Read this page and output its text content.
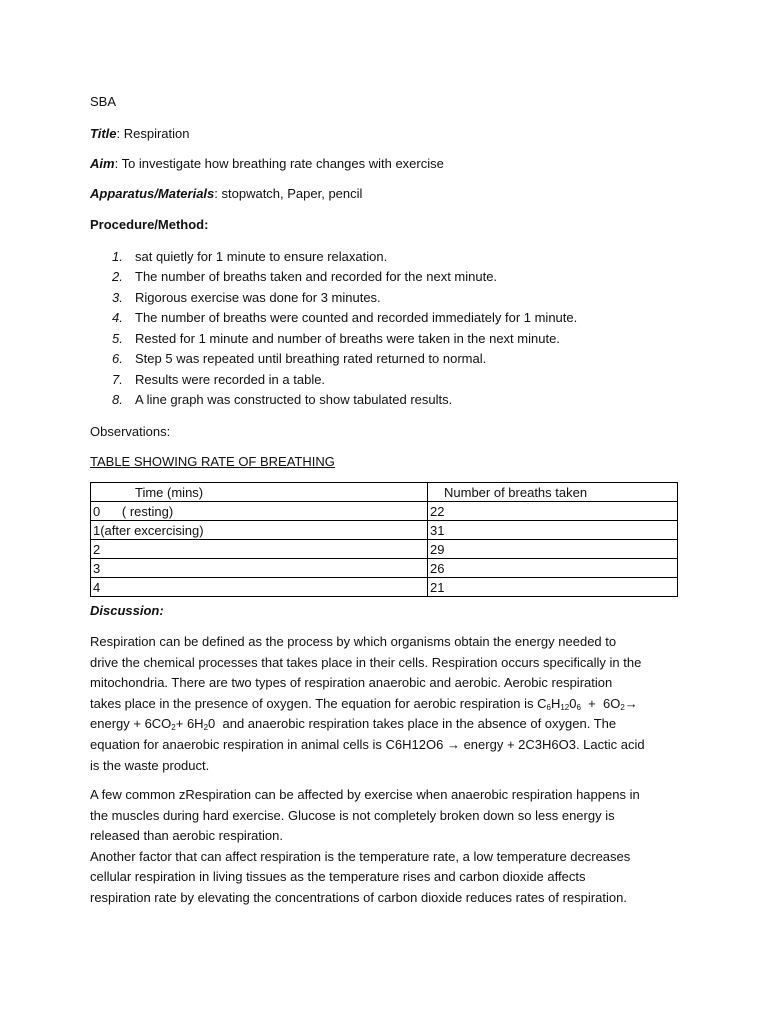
SBA
Title: Respiration
Aim: To investigate how breathing rate changes with exercise
Apparatus/Materials: stopwatch, Paper, pencil
Procedure/Method:
1. sat quietly for 1 minute to ensure relaxation.
2. The number of breaths taken and recorded for the next minute.
3. Rigorous exercise was done for 3 minutes.
4. The number of breaths were counted and recorded immediately for 1 minute.
5. Rested for 1 minute and number of breaths were taken in the next minute.
6. Step 5 was repeated until breathing rated returned to normal.
7. Results were recorded in a table.
8. A line graph was constructed to show tabulated results.
Observations:
TABLE SHOWING RATE OF BREATHING
Time (mins)	Number of breaths taken
0      ( resting)	22
1(after excercising)	31
2	29
3	26
4	21
Discussion:
Respiration can be defined as the process by which organisms obtain the energy needed to
drive the chemical processes that takes place in their cells. Respiration occurs specifically in the
mitochondria. There are two types of respiration anaerobic and aerobic. Aerobic respiration
takes place in the presence of oxygen. The equation for aerobic respiration is $C_6H_{12}0_6 + 6O_2\to$
energy + $6CO_2+ 6H_20$  and anaerobic respiration takes place in the absence of oxygen. The
equation for anaerobic respiration in animal cells is C6H12O6 → energy + 2C3H6O3. Lactic acid
is the waste product.
A few common zRespiration can be affected by exercise when anaerobic respiration happens in
the muscles during hard exercise. Glucose is not completely broken down so less energy is
released than aerobic respiration.
Another factor that can affect respiration is the temperature rate, a low temperature decreases
cellular respiration in living tissues as the temperature rises and carbon dioxide affects
respiration rate by elevating the concentrations of carbon dioxide reduces rates of respiration.
